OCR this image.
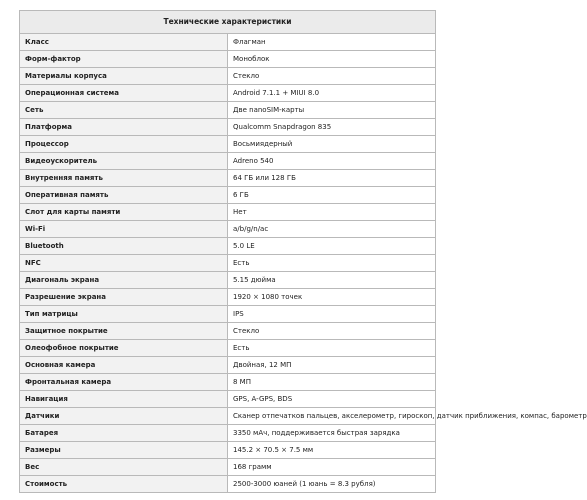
Технические характеристики	
Класс	Флагман
Форм-фактор	Моноблок
Материалы корпуса	Стекло
Операционная система	Android 7.1.1 + MIUI 8.0
Сеть	Две nanoSIM-карты
Платформа	Qualcomm Snapdragon 835
Процессор	Восьмиядерный
Видеоускоритель	Adreno 540
Внутренняя память	64 ГБ или 128 ГБ
Оперативная память	6 ГБ
Слот для карты памяти	Нет
Wi-Fi	a/b/g/n/ac
Bluetooth	5.0 LE
NFC	Есть
Диагональ экрана	5.15 дюйма
Разрешение экрана	1920 × 1080 точек
Тип матрицы	IPS
Защитное покрытие	Стекло
Олеофобное покрытие	Есть
Основная камера	Двойная, 12 МП
Фронтальная камера	8 МП
Навигация	GPS, A-GPS, BDS
Датчики	Сканер отпечатков пальцев, акселерометр, гироскоп, датчик приближения, компас, барометр
Батарея	3350 мАч, поддерживается быстрая зарядка
Размеры	145.2 × 70.5 × 7.5 мм
Вес	168 грамм
Стоимость	2500-3000 юаней (1 юань = 8.3 рубля)
